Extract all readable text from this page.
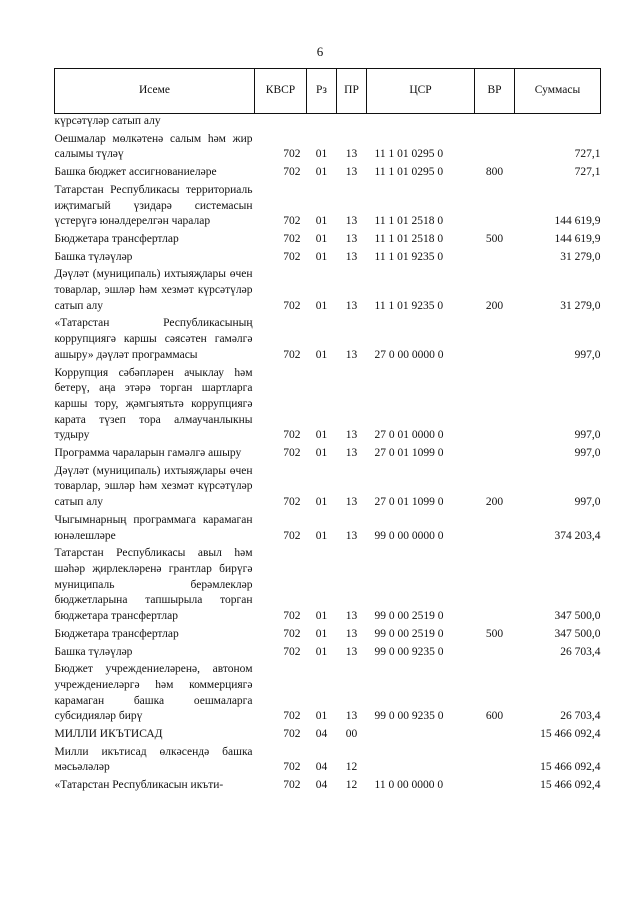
6
Исеме	КВСР	Рз	ПР	ЦСР	ВР	Суммасы
күрсәтүләр сатып алу						
Оешмалар мөлкәтенә салым һәм жир салымы түләү	702	01	13	11 1 01 0295 0		727,1
Башка бюджет ассигнованиеләре	702	01	13	11 1 01 0295 0	800	727,1
Татарстан Республикасы территориаль иҗтимагый үзидарә системасын үстерүгә юнәлдерелгән чаралар	702	01	13	11 1 01 2518 0		144 619,9
Бюджетара трансфертлар	702	01	13	11 1 01 2518 0	500	144 619,9
Башка түләүләр	702	01	13	11 1 01 9235 0		31 279,0
Дәүләт (муниципаль) ихтыяҗлары өчен товарлар, эшләр һәм хезмәт күрсәтүләр сатып алу	702	01	13	11 1 01 9235 0	200	31 279,0
«Татарстан Республикасының коррупциягә каршы сәясәтен гамәлгә ашыру» дәүләт программасы	702	01	13	27 0 00 0000 0		997,0
Коррупция сәбәпләрен ачыклау һәм бетерү, аңа этәрә торган шартларга каршы тору, җәмгыятьтә коррупциягә карата түзеп тора алмаучанлыкны тудыру	702	01	13	27 0 01 0000 0		997,0
Программа чараларын гамәлгә ашыру	702	01	13	27 0 01 1099 0		997,0
Дәүләт (муниципаль) ихтыяҗлары өчен товарлар, эшләр һәм хезмәт күрсәтүләр сатып алу	702	01	13	27 0 01 1099 0	200	997,0
Чыгымнарның программага карамаган юнәлешләре	702	01	13	99 0 00 0000 0		374 203,4
Татарстан Республикасы авыл һәм шәһәр җирлекләренә грантлар бирүгә муниципаль берәмлекләр бюджетларына тапшырыла торган бюджетара трансфертлар	702	01	13	99 0 00 2519 0		347 500,0
Бюджетара трансфертлар	702	01	13	99 0 00 2519 0	500	347 500,0
Башка түләүләр	702	01	13	99 0 00 9235 0		26 703,4
Бюджет учреждениеләренә, автоном учреждениеләргә һәм коммерциягә карамаган башка оешмаларга субсидияләр бирү	702	01	13	99 0 00 9235 0	600	26 703,4
МИЛЛИ ИКЪТИСАД	702	04	00			15 466 092,4
Милли икътисад өлкәсендә башка мәсьәләләр	702	04	12			15 466 092,4
«Татарстан Республикасын икъти-	702	04	12	11 0 00 0000 0		15 466 092,4
